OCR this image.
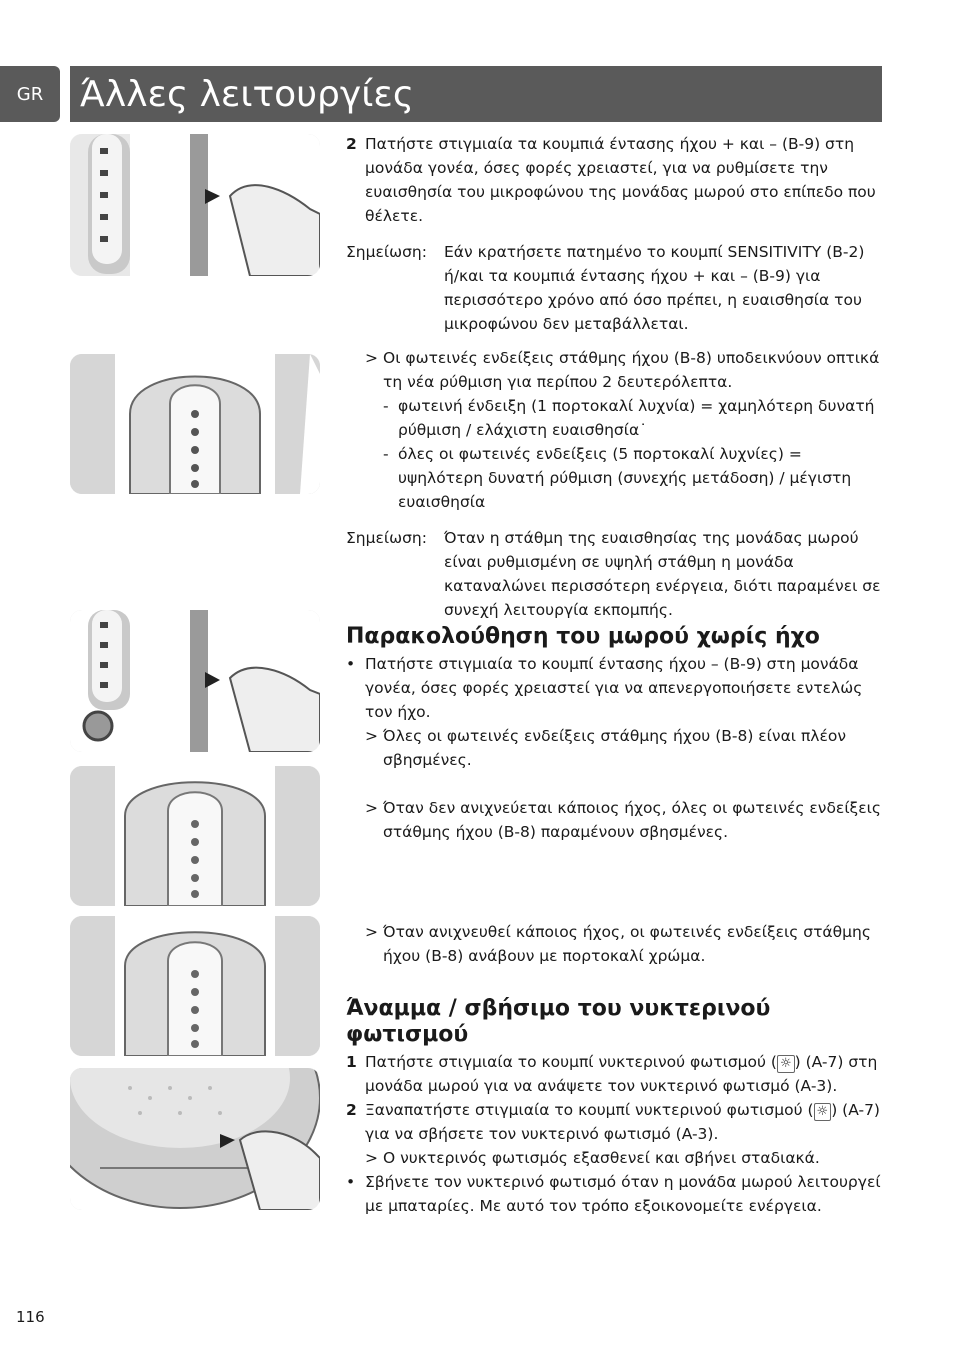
GR Άλλες λειτουργίες
2 Πατήστε στιγμιαία τα κουμπιά έντασης ήχου + και – (B-9) στη μονάδα γονέα, όσες φορές χρειαστεί, για να ρυθμίσετε την ευαισθησία του μικροφώνου της μονάδας μωρού στο επίπεδο που θέλετε.
Σημείωση:	Εάν κρατήσετε πατημένο το κουμπί SENSITIVITY (B-2) ή/και τα κουμπιά έντασης ήχου + και – (B-9) για περισσότερο χρόνο από όσο πρέπει, η ευαισθησία του μικροφώνου δεν μεταβάλλεται.
> Οι φωτεινές ενδείξεις στάθμης ήχου (B-8) υποδεικνύουν οπτικά τη νέα ρύθμιση για περίπου 2 δευτερόλεπτα.
- φωτεινή ένδειξη (1 πορτοκαλί λυχνία) = χαμηλότερη δυνατή ρύθμιση / ελάχιστη ευαισθησία˙
- όλες οι φωτεινές ενδείξεις (5 πορτοκαλί λυχνίες) = υψηλότερη δυνατή ρύθμιση (συνεχής μετάδοση) / μέγιστη ευαισθησία
Σημείωση:	Όταν η στάθμη της ευαισθησίας της μονάδας μωρού είναι ρυθμισμένη σε υψηλή στάθμη η μονάδα καταναλώνει περισσότερη ενέργεια, διότι παραμένει σε συνεχή λειτουργία εκπομπής.
Παρακολούθηση του μωρού χωρίς ήχο
• Πατήστε στιγμιαία το κουμπί έντασης ήχου – (B-9) στη μονάδα γονέα, όσες φορές χρειαστεί για να απενεργοποιήσετε εντελώς τον ήχο.
> Όλες οι φωτεινές ενδείξεις στάθμης ήχου (B-8) είναι πλέον σβησμένες.
> Όταν δεν ανιχνεύεται κάποιος ήχος, όλες οι φωτεινές ενδείξεις στάθμης ήχου (B-8) παραμένουν σβησμένες.
> Όταν ανιχνευθεί κάποιος ήχος, οι φωτεινές ενδείξεις στάθμης ήχου (B-8) ανάβουν με πορτοκαλί χρώμα.
Άναμμα / σβήσιμο του νυκτερινού φωτισμού
1 Πατήστε στιγμιαία το κουμπί νυκτερινού φωτισμού ( ☼ ) (A-7) στη μονάδα μωρού για να ανάψετε τον νυκτερινό φωτισμό (A-3).
2 Ξαναπατήστε στιγμιαία το κουμπί νυκτερινού φωτισμού ( ☼ ) (A-7) για να σβήσετε τον νυκτερινό φωτισμό (A-3).
> Ο νυκτερινός φωτισμός εξασθενεί και σβήνει σταδιακά.
• Σβήνετε τον νυκτερινό φωτισμό όταν η μονάδα μωρού λειτουργεί με μπαταρίες. Με αυτό τον τρόπο εξοικονομείτε ενέργεια.
116
